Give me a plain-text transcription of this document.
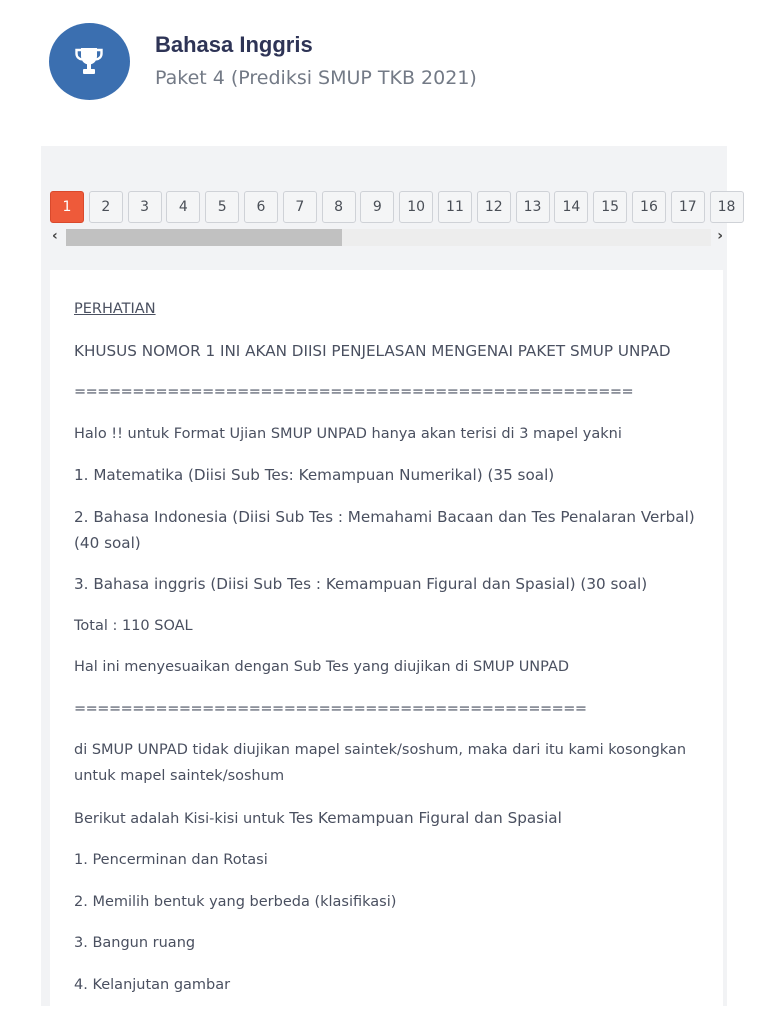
Bahasa Inggris
Paket 4 (Prediksi SMUP TKB 2021)
1 2 3 4 5 6 7 8 9 10 11 12 13 14 15 16 17 18
‹	›

PERHATIAN

KHUSUS NOMOR 1 INI AKAN DIISI PENJELASAN MENGENAI PAKET SMUP UNPAD

================================================

Halo !! untuk Format Ujian SMUP UNPAD hanya akan terisi di 3 mapel yakni

1. Matematika (Diisi Sub Tes: Kemampuan Numerikal) (35 soal)

2. Bahasa Indonesia (Diisi Sub Tes : Memahami Bacaan dan Tes Penalaran Verbal) (40 soal)

3. Bahasa inggris (Diisi Sub Tes : Kemampuan Figural dan Spasial) (30 soal)

Total : 110 SOAL

Hal ini menyesuaikan dengan Sub Tes yang diujikan di SMUP UNPAD

============================================

di SMUP UNPAD tidak diujikan mapel saintek/soshum, maka dari itu kami kosongkan untuk mapel saintek/soshum

Berikut adalah Kisi-kisi untuk Tes Kemampuan Figural dan Spasial

1. Pencerminan dan Rotasi

2. Memilih bentuk yang berbeda (klasifikasi)

3. Bangun ruang

4. Kelanjutan gambar
